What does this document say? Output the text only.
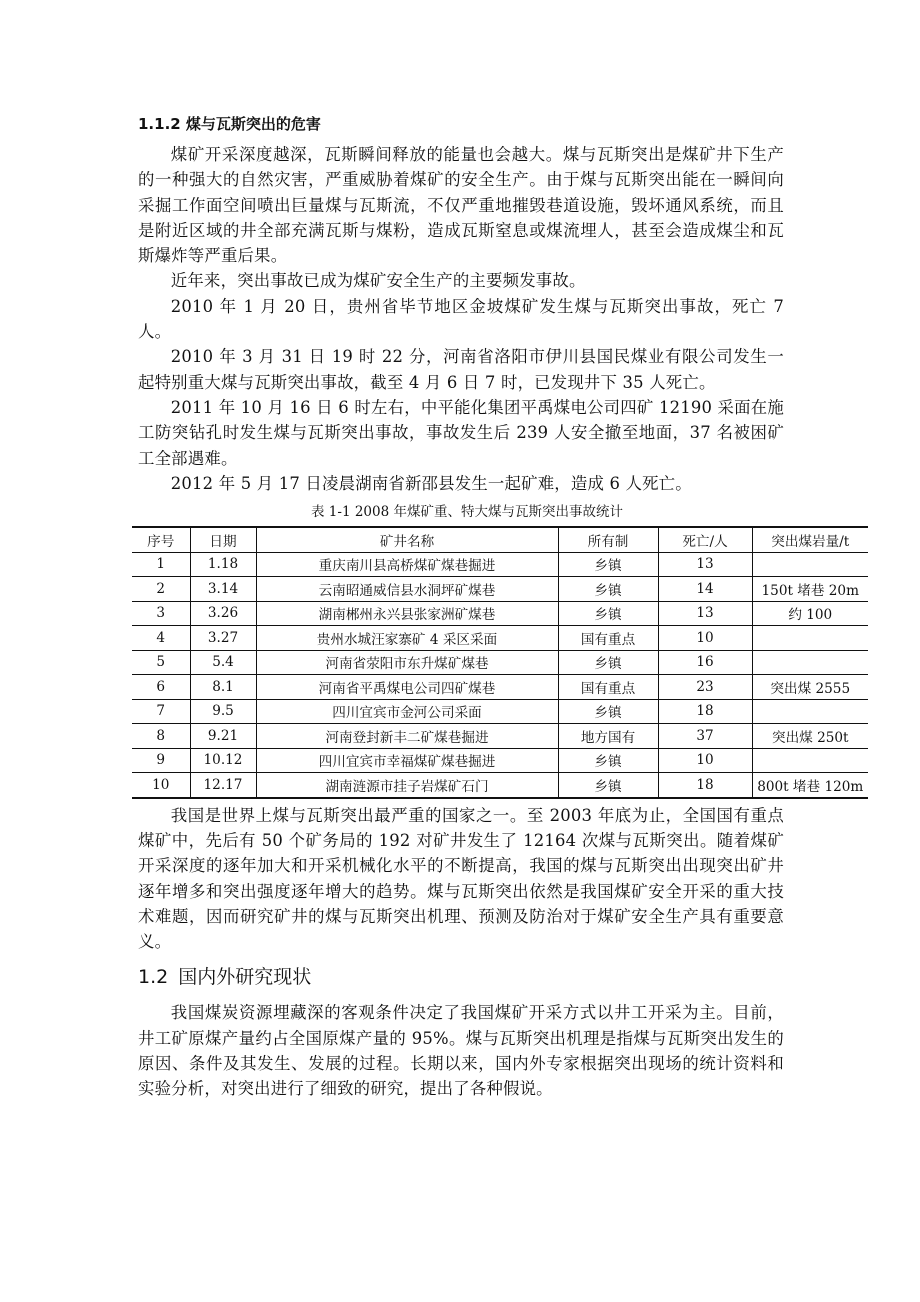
1.1.2 煤与瓦斯突出的危害

煤矿开采深度越深，瓦斯瞬间释放的能量也会越大。煤与瓦斯突出是煤矿井下生产的一种强大的自然灾害，严重威胁着煤矿的安全生产。由于煤与瓦斯突出能在一瞬间向采掘工作面空间喷出巨量煤与瓦斯流，不仅严重地摧毁巷道设施，毁坏通风系统，而且是附近区域的井全部充满瓦斯与煤粉，造成瓦斯窒息或煤流埋人，甚至会造成煤尘和瓦斯爆炸等严重后果。

近年来，突出事故已成为煤矿安全生产的主要频发事故。

2010 年 1 月 20 日，贵州省毕节地区金坡煤矿发生煤与瓦斯突出事故，死亡 7 人。

2010 年 3 月 31 日 19 时 22 分，河南省洛阳市伊川县国民煤业有限公司发生一起特别重大煤与瓦斯突出事故，截至 4 月 6 日 7 时，已发现井下 35 人死亡。

2011 年 10 月 16 日 6 时左右，中平能化集团平禹煤电公司四矿 12190 采面在施工防突钻孔时发生煤与瓦斯突出事故，事故发生后 239 人安全撤至地面，37 名被困矿工全部遇难。

2012 年 5 月 17 日凌晨湖南省新邵县发生一起矿难，造成 6 人死亡。

表 1-1 2008 年煤矿重、特大煤与瓦斯突出事故统计
序号	日期	矿井名称	所有制	死亡/人	突出煤岩量/t
1	1.18	重庆南川县高桥煤矿煤巷掘进	乡镇	13	
2	3.14	云南昭通威信县水洞坪矿煤巷	乡镇	14	150t 堵巷 20m
3	3.26	湖南郴州永兴县张家洲矿煤巷	乡镇	13	约 100
4	3.27	贵州水城汪家寨矿 4 采区采面	国有重点	10	
5	5.4	河南省荥阳市东升煤矿煤巷	乡镇	16	
6	8.1	河南省平禹煤电公司四矿煤巷	国有重点	23	突出煤 2555
7	9.5	四川宜宾市金河公司采面	乡镇	18	
8	9.21	河南登封新丰二矿煤巷掘进	地方国有	37	突出煤 250t
9	10.12	四川宜宾市幸福煤矿煤巷掘进	乡镇	10	
10	12.17	湖南涟源市挂子岩煤矿石门	乡镇	18	800t 堵巷 120m

我国是世界上煤与瓦斯突出最严重的国家之一。至 2003 年底为止，全国国有重点煤矿中，先后有 50 个矿务局的 192 对矿井发生了 12164 次煤与瓦斯突出。随着煤矿开采深度的逐年加大和开采机械化水平的不断提高，我国的煤与瓦斯突出出现突出矿井逐年增多和突出强度逐年增大的趋势。煤与瓦斯突出依然是我国煤矿安全开采的重大技术难题，因而研究矿井的煤与瓦斯突出机理、预测及防治对于煤矿安全生产具有重要意义。

1.2 国内外研究现状

我国煤炭资源埋藏深的客观条件决定了我国煤矿开采方式以井工开采为主。目前，井工矿原煤产量约占全国原煤产量的 95%。煤与瓦斯突出机理是指煤与瓦斯突出发生的原因、条件及其发生、发展的过程。长期以来，国内外专家根据突出现场的统计资料和实验分析，对突出进行了细致的研究，提出了各种假说。
